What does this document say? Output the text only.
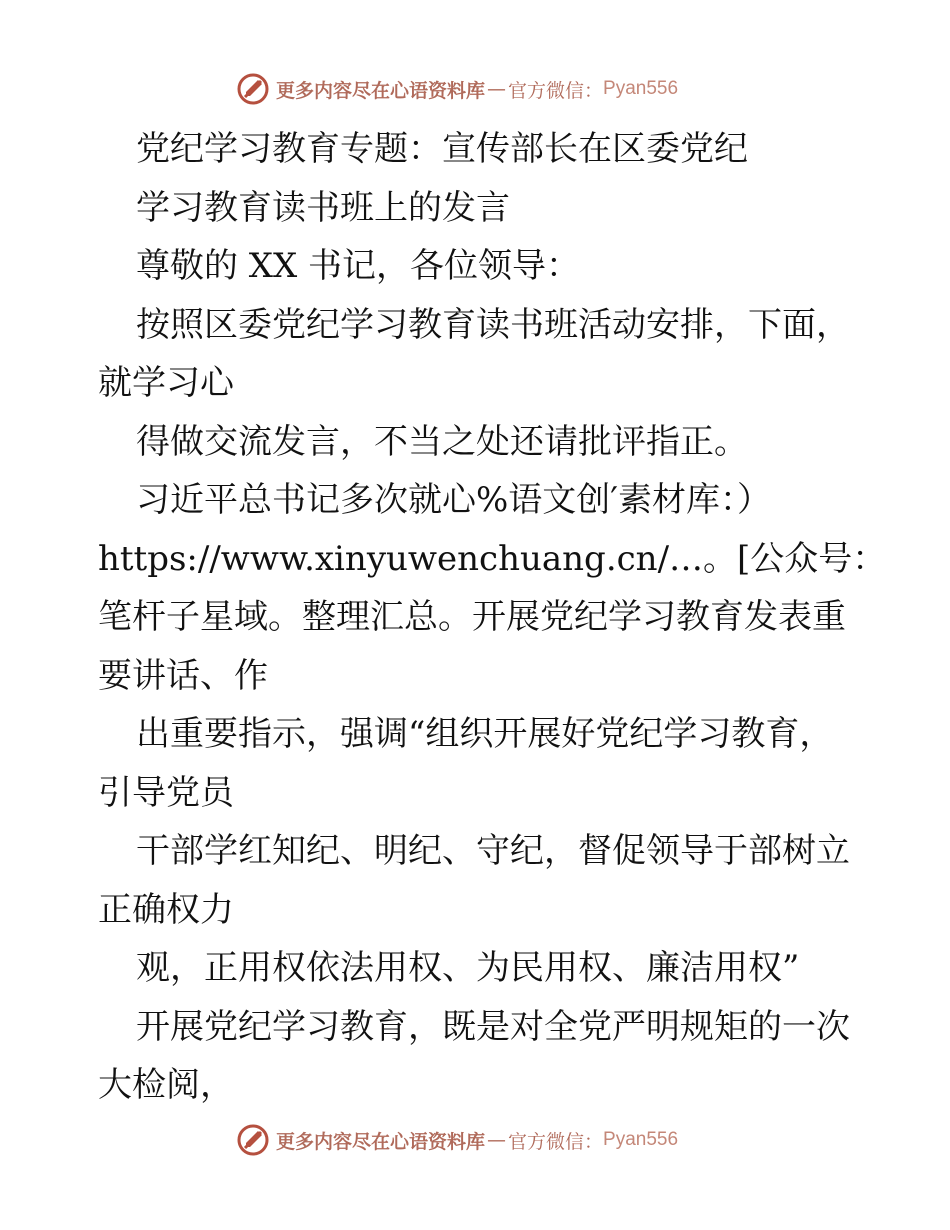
更多内容尽在心语资料库 — 官方微信： Pyan556

党纪学习教育专题：宣传部长在区委党纪

学习教育读书班上的发言

尊敬的 XX 书记，各位领导：

按照区委党纪学习教育读书班活动安排，下面，

就学习心

得做交流发言，不当之处还请批评指正。

习近平总书记多次就心%语文创′素材库：）

https://www.xinyuwenchuang.cn/…。[公众号：

笔杆子星域。整理汇总。开展党纪学习教育发表重

要讲话、作

出重要指示，强调“组织开展好党纪学习教育，

引导党员

干部学红知纪、明纪、守纪，督促领导于部树立

正确权力

观，正用权依法用权、为民用权、廉洁用权”

开展党纪学习教育，既是对全党严明规矩的一次

大检阅，

更多内容尽在心语资料库 — 官方微信： Pyan556
